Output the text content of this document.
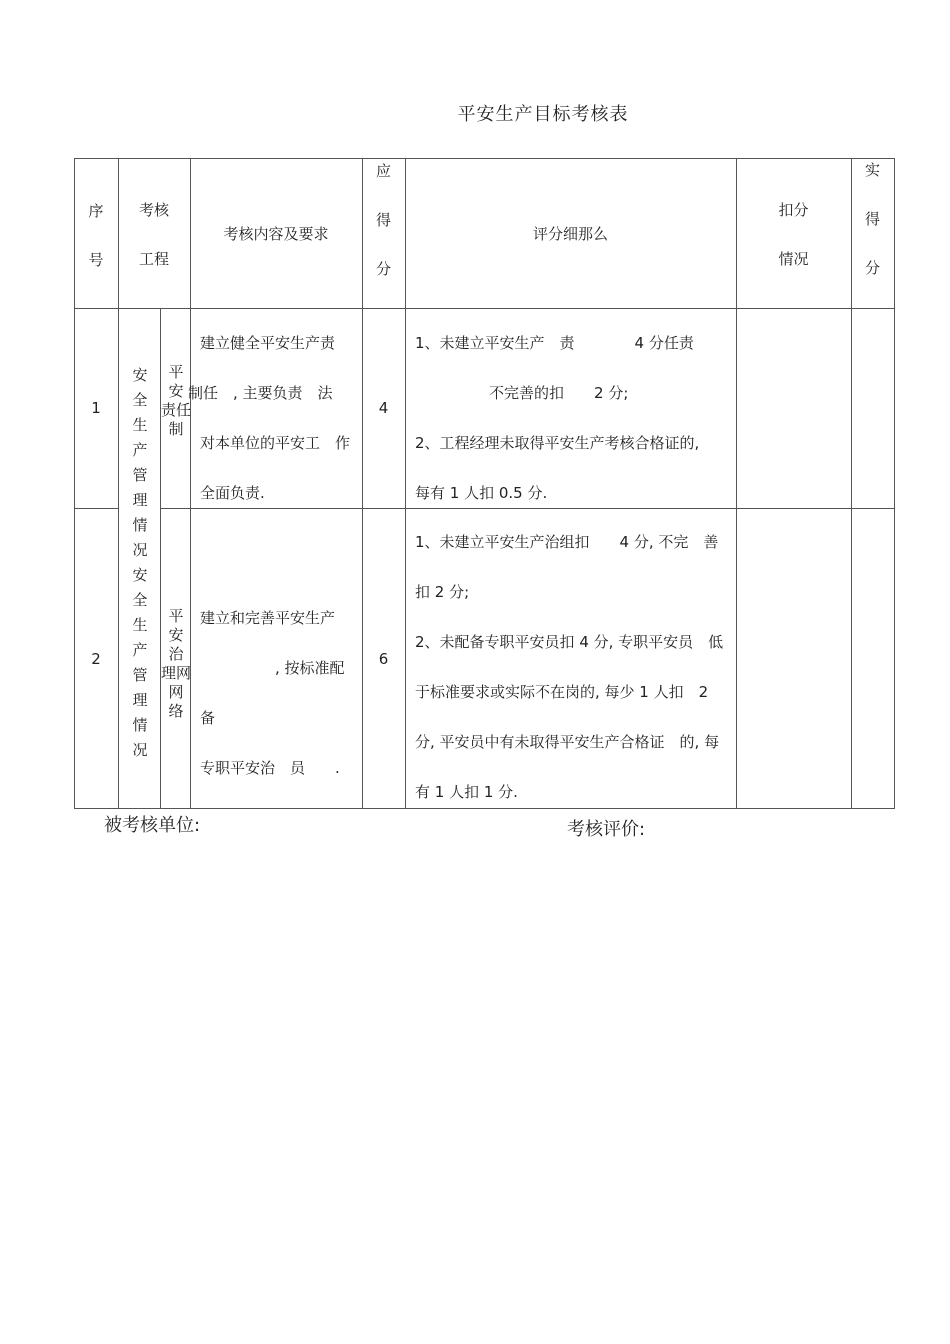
平安生产目标考核表
序
号
考核
工程
考核内容及要求
应
得
分
评分细那么
扣分
情况
实
得
分
安
全
生
产
管
理
情
况
安
全
生
产
管
理
情
况
1
平
安
责任
制
建立健全平安生产责
制任　, 主要负责　法
对本单位的平安工　作
全面负责.
4
1、未建立平安生产　责　　　　4 分任责
　　　　　　不完善的扣　　2 分;
2、工程经理未取得平安生产考核合格证的,
每有 1 人扣 0.5 分.
2
平
安
治
理网
网
络
建立和完善平安生产
　　　　　, 按标准配　备
专职平安治　员　　.
6
1、未建立平安生产治组扣　　4 分, 不完　善
扣 2 分;
2、未配备专职平安员扣 4 分, 专职平安员　低
于标准要求或实际不在岗的, 每少 1 人扣　2
分, 平安员中有未取得平安生产合格证　的, 每
有 1 人扣 1 分.
被考核单位:	考核评价:
